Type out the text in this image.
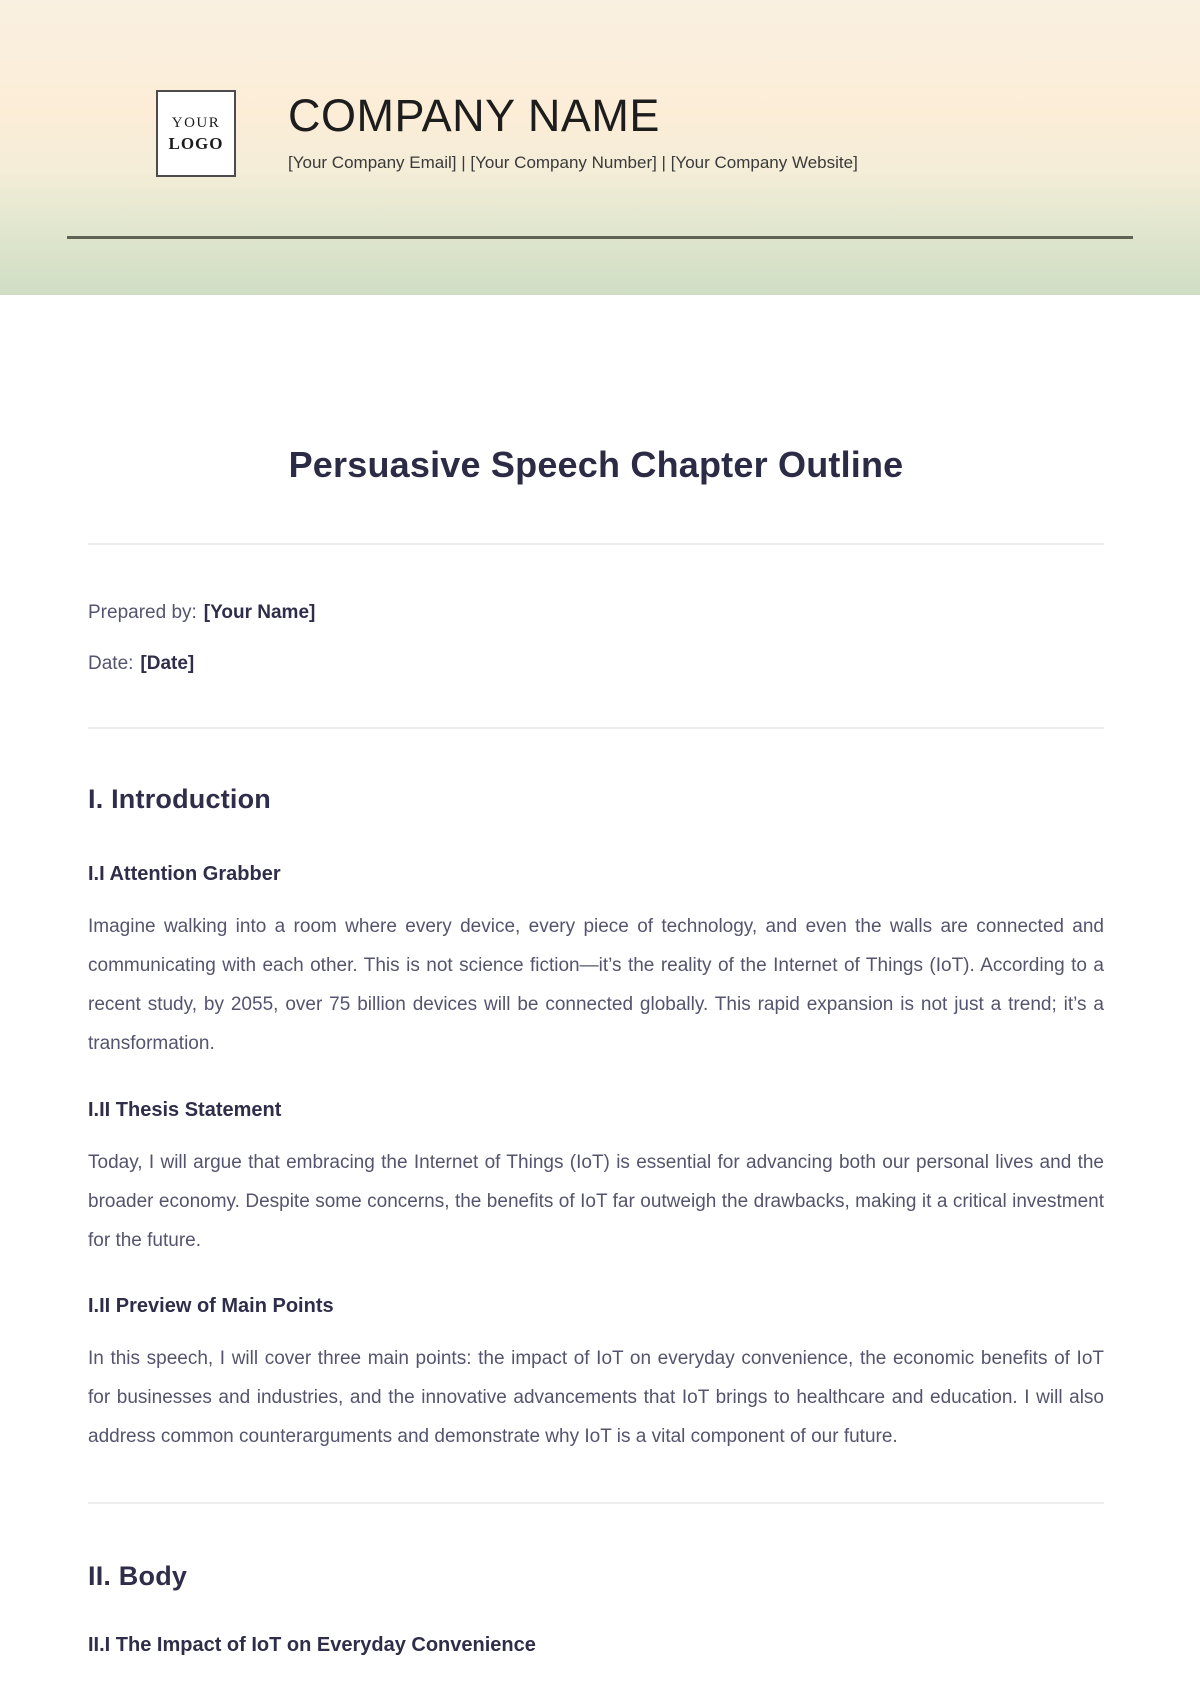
YOUR
LOGO
COMPANY NAME
[Your Company Email] | [Your Company Number] | [Your Company Website]
Persuasive Speech Chapter Outline

Prepared by: [Your Name]

Date: [Date]

I. Introduction
I.I Attention Grabber

Imagine walking into a room where every device, every piece of technology, and even the walls are connected and communicating with each other. This is not science fiction—it’s the reality of the Internet of Things (IoT). According to a recent study, by 2055, over 75 billion devices will be connected globally. This rapid expansion is not just a trend; it’s a transformation.

I.II Thesis Statement

Today, I will argue that embracing the Internet of Things (IoT) is essential for advancing both our personal lives and the broader economy. Despite some concerns, the benefits of IoT far outweigh the drawbacks, making it a critical investment for the future.

I.II Preview of Main Points

In this speech, I will cover three main points: the impact of IoT on everyday convenience, the economic benefits of IoT for businesses and industries, and the innovative advancements that IoT brings to healthcare and education. I will also address common counterarguments and demonstrate why IoT is a vital component of our future.

II. Body
II.I The Impact of IoT on Everyday Convenience
